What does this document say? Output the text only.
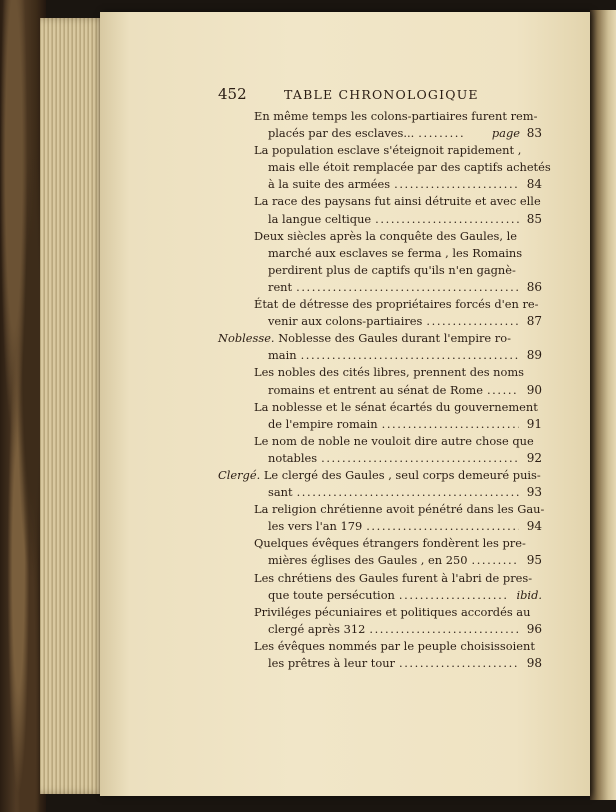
452	TABLE CHRONOLOGIQUE
En même temps les colons-partiaires furent rem-
placés par des esclaves...	page 83
.....
La population esclave s'éteignoit rapidement ,
mais elle étoit remplacée par des captifs achetés
à la suite des armées	84
.....
La race des paysans fut ainsi détruite et avec elle
la langue celtique	85
.....
Deux siècles après la conquête des Gaules, le
marché aux esclaves se ferma , les Romains
perdirent plus de captifs qu'ils n'en gagnè-
rent	86
.....
État de détresse des propriétaires forcés d'en re-
venir aux colons-partiaires	87
.....
Noblesse. Noblesse des Gaules durant l'empire ro-
main	89
.....
Les nobles des cités libres, prennent des noms
romains et entrent au sénat de Rome	90
.....
La noblesse et le sénat écartés du gouvernement
de l'empire romain	91
.....
Le nom de noble ne vouloit dire autre chose que
notables	92
.....
Clergé. Le clergé des Gaules , seul corps demeuré puis-
sant	93
.....
La religion chrétienne avoit pénétré dans les Gau-
les vers l'an 179	94
.....
Quelques évêques étrangers fondèrent les pre-
mières églises des Gaules , en 250	95
.....
Les chrétiens des Gaules furent à l'abri de pres-
que toute persécution	ibid.
.....
Priviléges pécuniaires et politiques accordés au
clergé après 312	96
.....
Les évêques nommés par le peuple choisissoient
les prêtres à leur tour	98
.....
